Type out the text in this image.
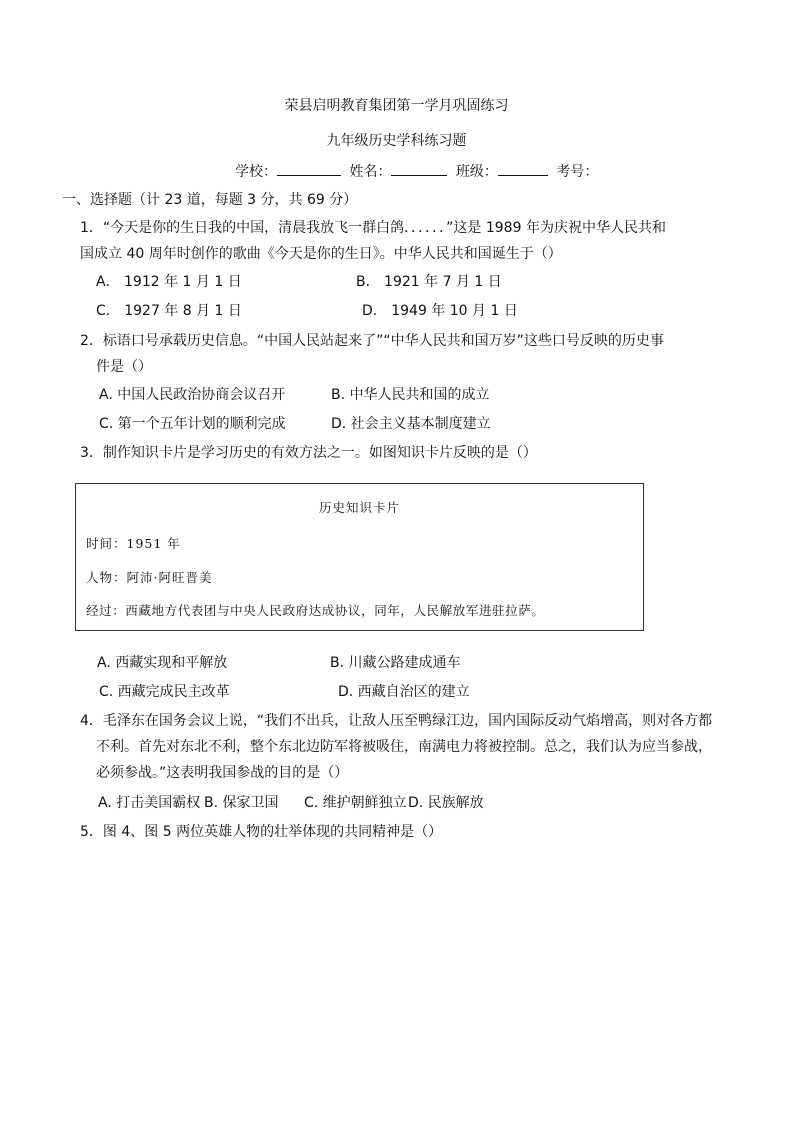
荣县启明教育集团第一学月巩固练习
九年级历史学科练习题
学校：	姓名：	班级：	考号：
一、选择题（计 23 道，每题 3 分，共 69 分）
1．“今天是你的生日我的中国，清晨我放飞一群白鸽．．．．．．”这是 1989 年为庆祝中华人民共和
国成立 40 周年时创作的歌曲《今天是你的生日》。中华人民共和国诞生于（）
A． 1912 年 1 月 1 日	B． 1921 年 7 月 1 日
C． 1927 年 8 月 1 日	D． 1949 年 10 月 1 日
2．标语口号承载历史信息。“中国人民站起来了”“中华人民共和国万岁”这些口号反映的历史事
件是（）
A. 中国人民政治协商会议召开	B. 中华人民共和国的成立
C. 第一个五年计划的顺利完成	D. 社会主义基本制度建立
3．制作知识卡片是学习历史的有效方法之一。如图知识卡片反映的是（）
历史知识卡片
时间：1951 年
人物：阿沛·阿旺晋美
经过：西藏地方代表团与中央人民政府达成协议，同年，人民解放军进驻拉萨。
A. 西藏实现和平解放	B. 川藏公路建成通车
C. 西藏完成民主改革	D. 西藏自治区的建立
4．毛泽东在国务会议上说，“我们不出兵，让敌人压至鸭绿江边，国内国际反动气焰增高，则对各方都
不利。首先对东北不利，整个东北边防军将被吸住，南满电力将被控制。总之，我们认为应当参战，
必须参战。”这表明我国参战的目的是（）
A. 打击美国霸权 B. 保家卫国 C. 维护朝鲜独立 D. 民族解放
5．图 4、图 5 两位英雄人物的壮举体现的共同精神是（）
